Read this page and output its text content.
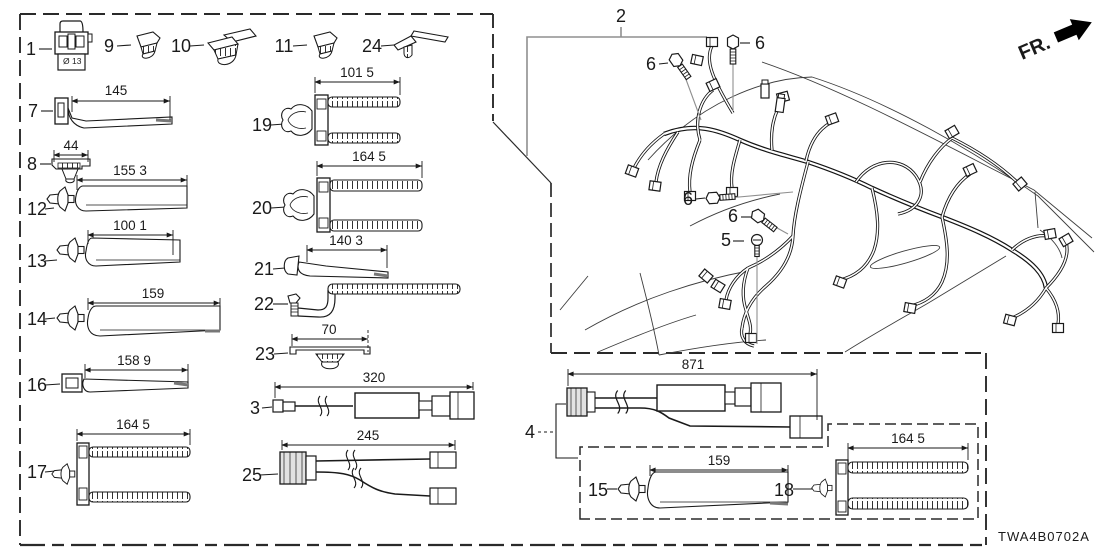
FR.
2
6
6
6
6
5
Ø 13
1	9	10	11	24
145
7
44
8	155 3
12
100 1
13
159
14
158 9
16
164 5
17
101 5
19
164 5
20
140 3
21
22
70
23
320
3
245
25
871
4
159
15
164 5
18
TWA4B0702A
